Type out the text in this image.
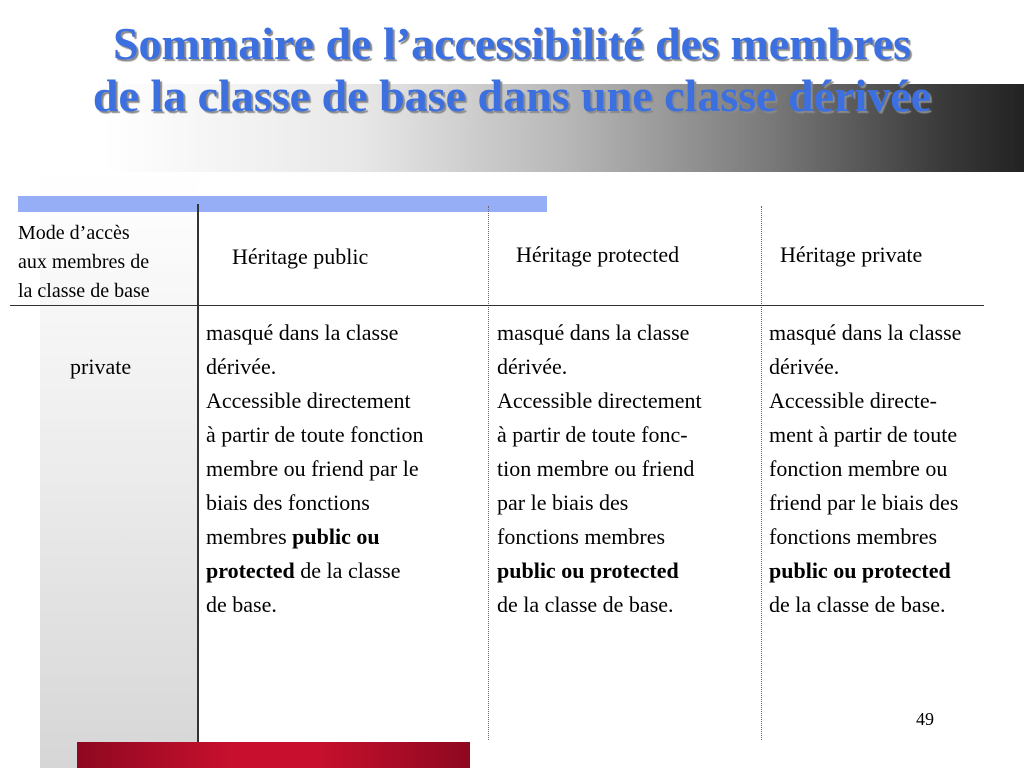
Sommaire de l’accessibilité des membres
de la classe de base dans une classe dérivée
Mode d’accès
aux membres de
la classe de base
Héritage public	Héritage protected	Héritage private
private
masqué dans la classe
dérivée.
Accessible directement
à partir de toute fonction
membre ou friend par le
biais des fonctions
membres public ou
protected de la classe
de base.
masqué dans la classe
dérivée.
Accessible directement
à partir de toute fonc-
tion membre ou friend
par le biais des
fonctions membres
public ou protected
de la classe de base.
masqué dans la classe
dérivée.
Accessible directe-
ment à partir de toute
fonction membre ou
friend par le biais des
fonctions membres
public ou protected
de la classe de base.
49
